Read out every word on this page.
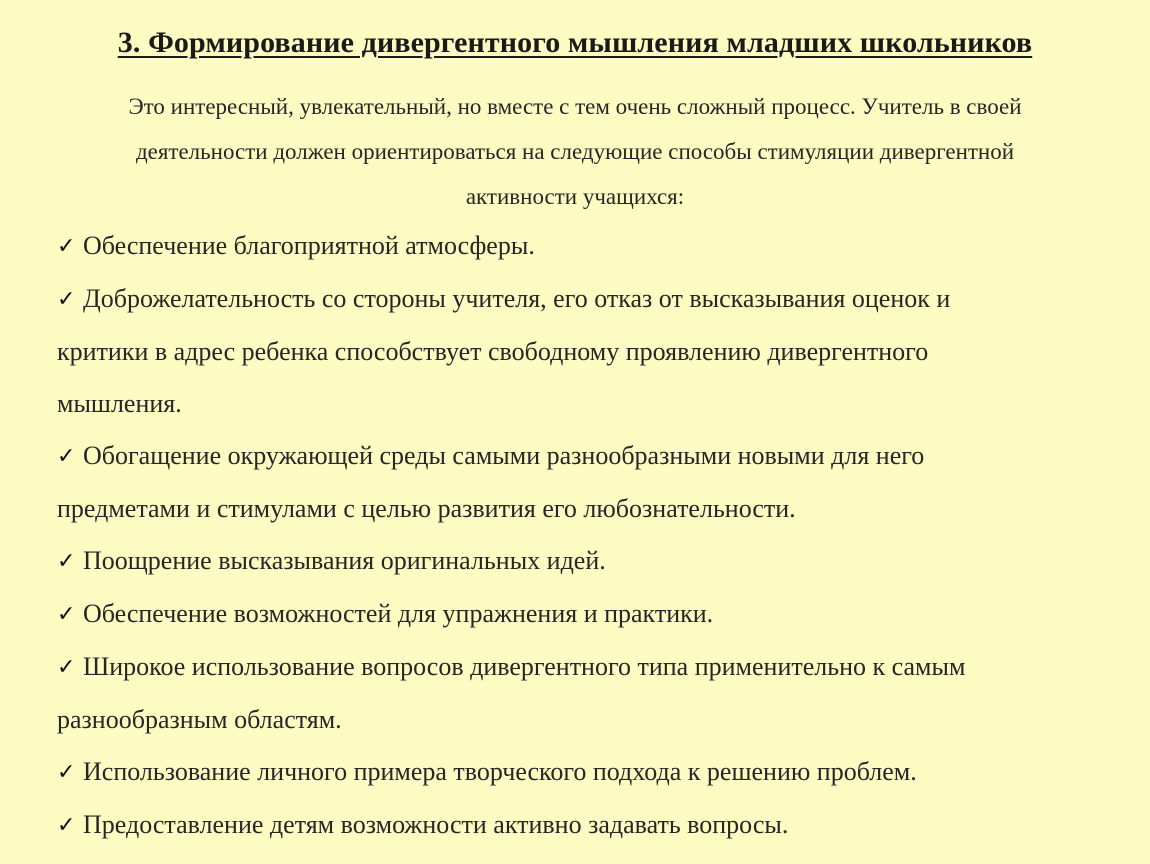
3. Формирование дивергентного мышления младших школьников
Это интересный, увлекательный, но вместе с тем очень сложный процесс. Учитель в своей
деятельности должен ориентироваться на следующие способы стимуляции дивергентной
активности учащихся:
✓ Обеспечение благоприятной атмосферы.
✓ Доброжелательность со стороны учителя, его отказ от высказывания оценок и
критики в адрес ребенка способствует свободному проявлению дивергентного
мышления.
✓ Обогащение окружающей среды самыми разнообразными новыми для него
предметами и стимулами с целью развития его любознательности.
✓ Поощрение высказывания оригинальных идей.
✓ Обеспечение возможностей для упражнения и практики.
✓ Широкое использование вопросов дивергентного типа применительно к самым
разнообразным областям.
✓ Использование личного примера творческого подхода к решению проблем.
✓ Предоставление детям возможности активно задавать вопросы.
